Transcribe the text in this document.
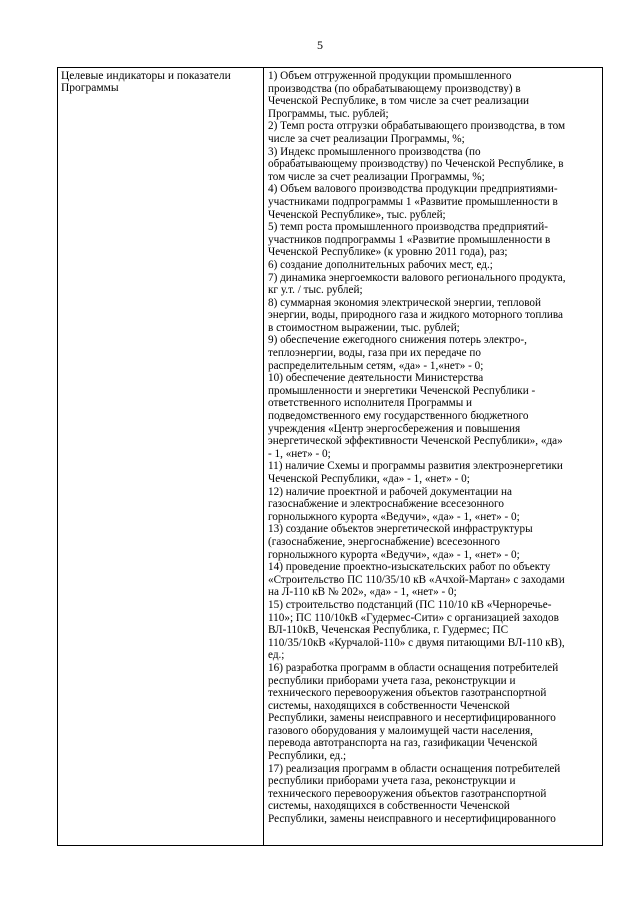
5
Целевые индикаторы и показатели Программы
1) Объем отгруженной продукции промышленного
производства (по обрабатывающему производству) в
Чеченской Республике, в том числе за счет реализации
Программы, тыс. рублей;
2) Темп роста отгрузки обрабатывающего производства, в том
числе за счет реализации Программы, %;
3) Индекс промышленного производства (по
обрабатывающему производству) по Чеченской Республике, в
том числе за счет реализации Программы, %;
4) Объем валового производства продукции предприятиями-
участниками подпрограммы 1 «Развитие промышленности в
Чеченской Республике», тыс. рублей;
5) темп роста промышленного производства предприятий-
участников подпрограммы 1 «Развитие промышленности в
Чеченской Республике» (к уровню 2011 года), раз;
6) создание дополнительных рабочих мест, ед.;
7) динамика энергоемкости валового регионального продукта,
кг у.т. / тыс. рублей;
8) суммарная экономия электрической энергии, тепловой
энергии, воды, природного газа и жидкого моторного топлива
в стоимостном выражении, тыс. рублей;
9) обеспечение ежегодного снижения потерь электро-,
теплоэнергии, воды, газа при их передаче по
распределительным сетям, «да» - 1,«нет» - 0;
10) обеспечение деятельности Министерства
промышленности и энергетики Чеченской Республики -
ответственного исполнителя Программы и
подведомственного ему государственного бюджетного
учреждения «Центр энергосбережения и повышения
энергетической эффективности Чеченской Республики», «да»
- 1, «нет» - 0;
11) наличие Схемы и программы развития электроэнергетики
Чеченской Республики, «да» - 1, «нет» - 0;
12) наличие проектной и рабочей документации на
газоснабжение и электроснабжение всесезонного
горнолыжного курорта «Ведучи», «да» - 1, «нет» - 0;
13) создание объектов энергетической инфраструктуры
(газоснабжение, энергоснабжение) всесезонного
горнолыжного курорта «Ведучи», «да» - 1, «нет» - 0;
14) проведение проектно-изыскательских работ по объекту
«Строительство ПС 110/35/10 кВ «Ачхой-Мартан» с заходами
на Л-110 кВ № 202», «да» - 1, «нет» - 0;
15) строительство подстанций (ПС 110/10 кВ «Черноречье-
110»; ПС 110/10кВ «Гудермес-Сити» с организацией заходов
ВЛ-110кВ, Чеченская Республика, г. Гудермес; ПС
110/35/10кВ «Курчалой-110» с двумя питающими ВЛ-110 кВ),
ед.;
16) разработка программ в области оснащения потребителей
республики приборами учета газа, реконструкции и
технического перевооружения объектов газотранспортной
системы, находящихся в собственности Чеченской
Республики, замены неисправного и несертифицированного
газового оборудования у малоимущей части населения,
перевода автотранспорта на газ, газификации Чеченской
Республики, ед.;
17) реализация программ в области оснащения потребителей
республики приборами учета газа, реконструкции и
технического перевооружения объектов газотранспортной
системы, находящихся в собственности Чеченской
Республики, замены неисправного и несертифицированного
